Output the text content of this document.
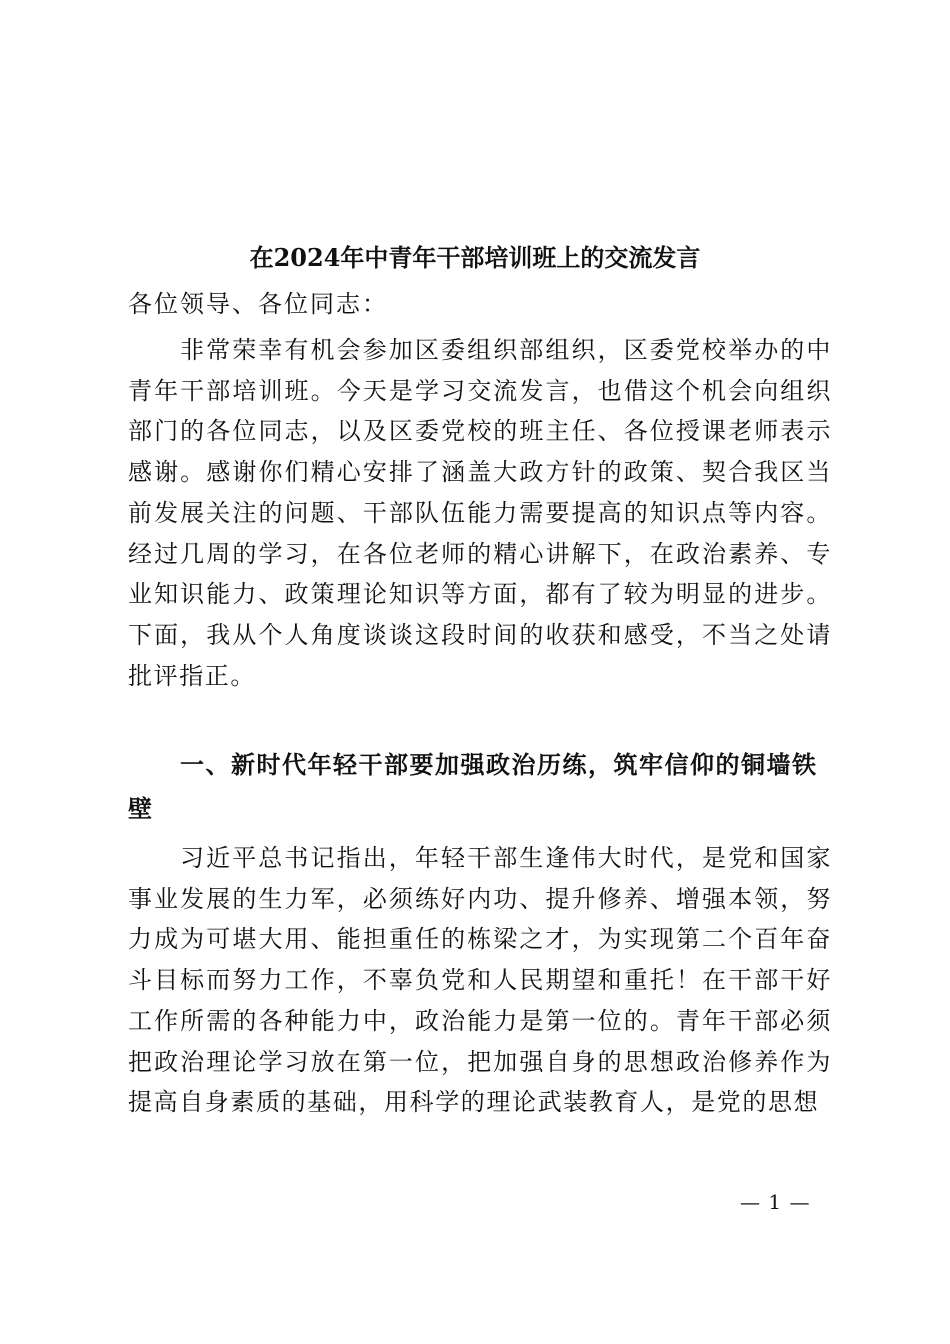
在2024年中青年干部培训班上的交流发言
各位领导、各位同志：

非常荣幸有机会参加区委组织部组织，区委党校举办的中青年干部培训班。今天是学习交流发言，也借这个机会向组织部门的各位同志，以及区委党校的班主任、各位授课老师表示感谢。感谢你们精心安排了涵盖大政方针的政策、契合我区当前发展关注的问题、干部队伍能力需要提高的知识点等内容。经过几周的学习，在各位老师的精心讲解下，在政治素养、专业知识能力、政策理论知识等方面，都有了较为明显的进步。下面，我从个人角度谈谈这段时间的收获和感受，不当之处请批评指正。

一、新时代年轻干部要加强政治历练，筑牢信仰的铜墙铁壁

习近平总书记指出，年轻干部生逢伟大时代，是党和国家事业发展的生力军，必须练好内功、提升修养、增强本领，努力成为可堪大用、能担重任的栋梁之才，为实现第二个百年奋斗目标而努力工作，不辜负党和人民期望和重托！在干部干好工作所需的各种能力中，政治能力是第一位的。青年干部必须把政治理论学习放在第一位，把加强自身的思想政治修养作为提高自身素质的基础，用科学的理论武装教育人，是党的思想

— 1 —
